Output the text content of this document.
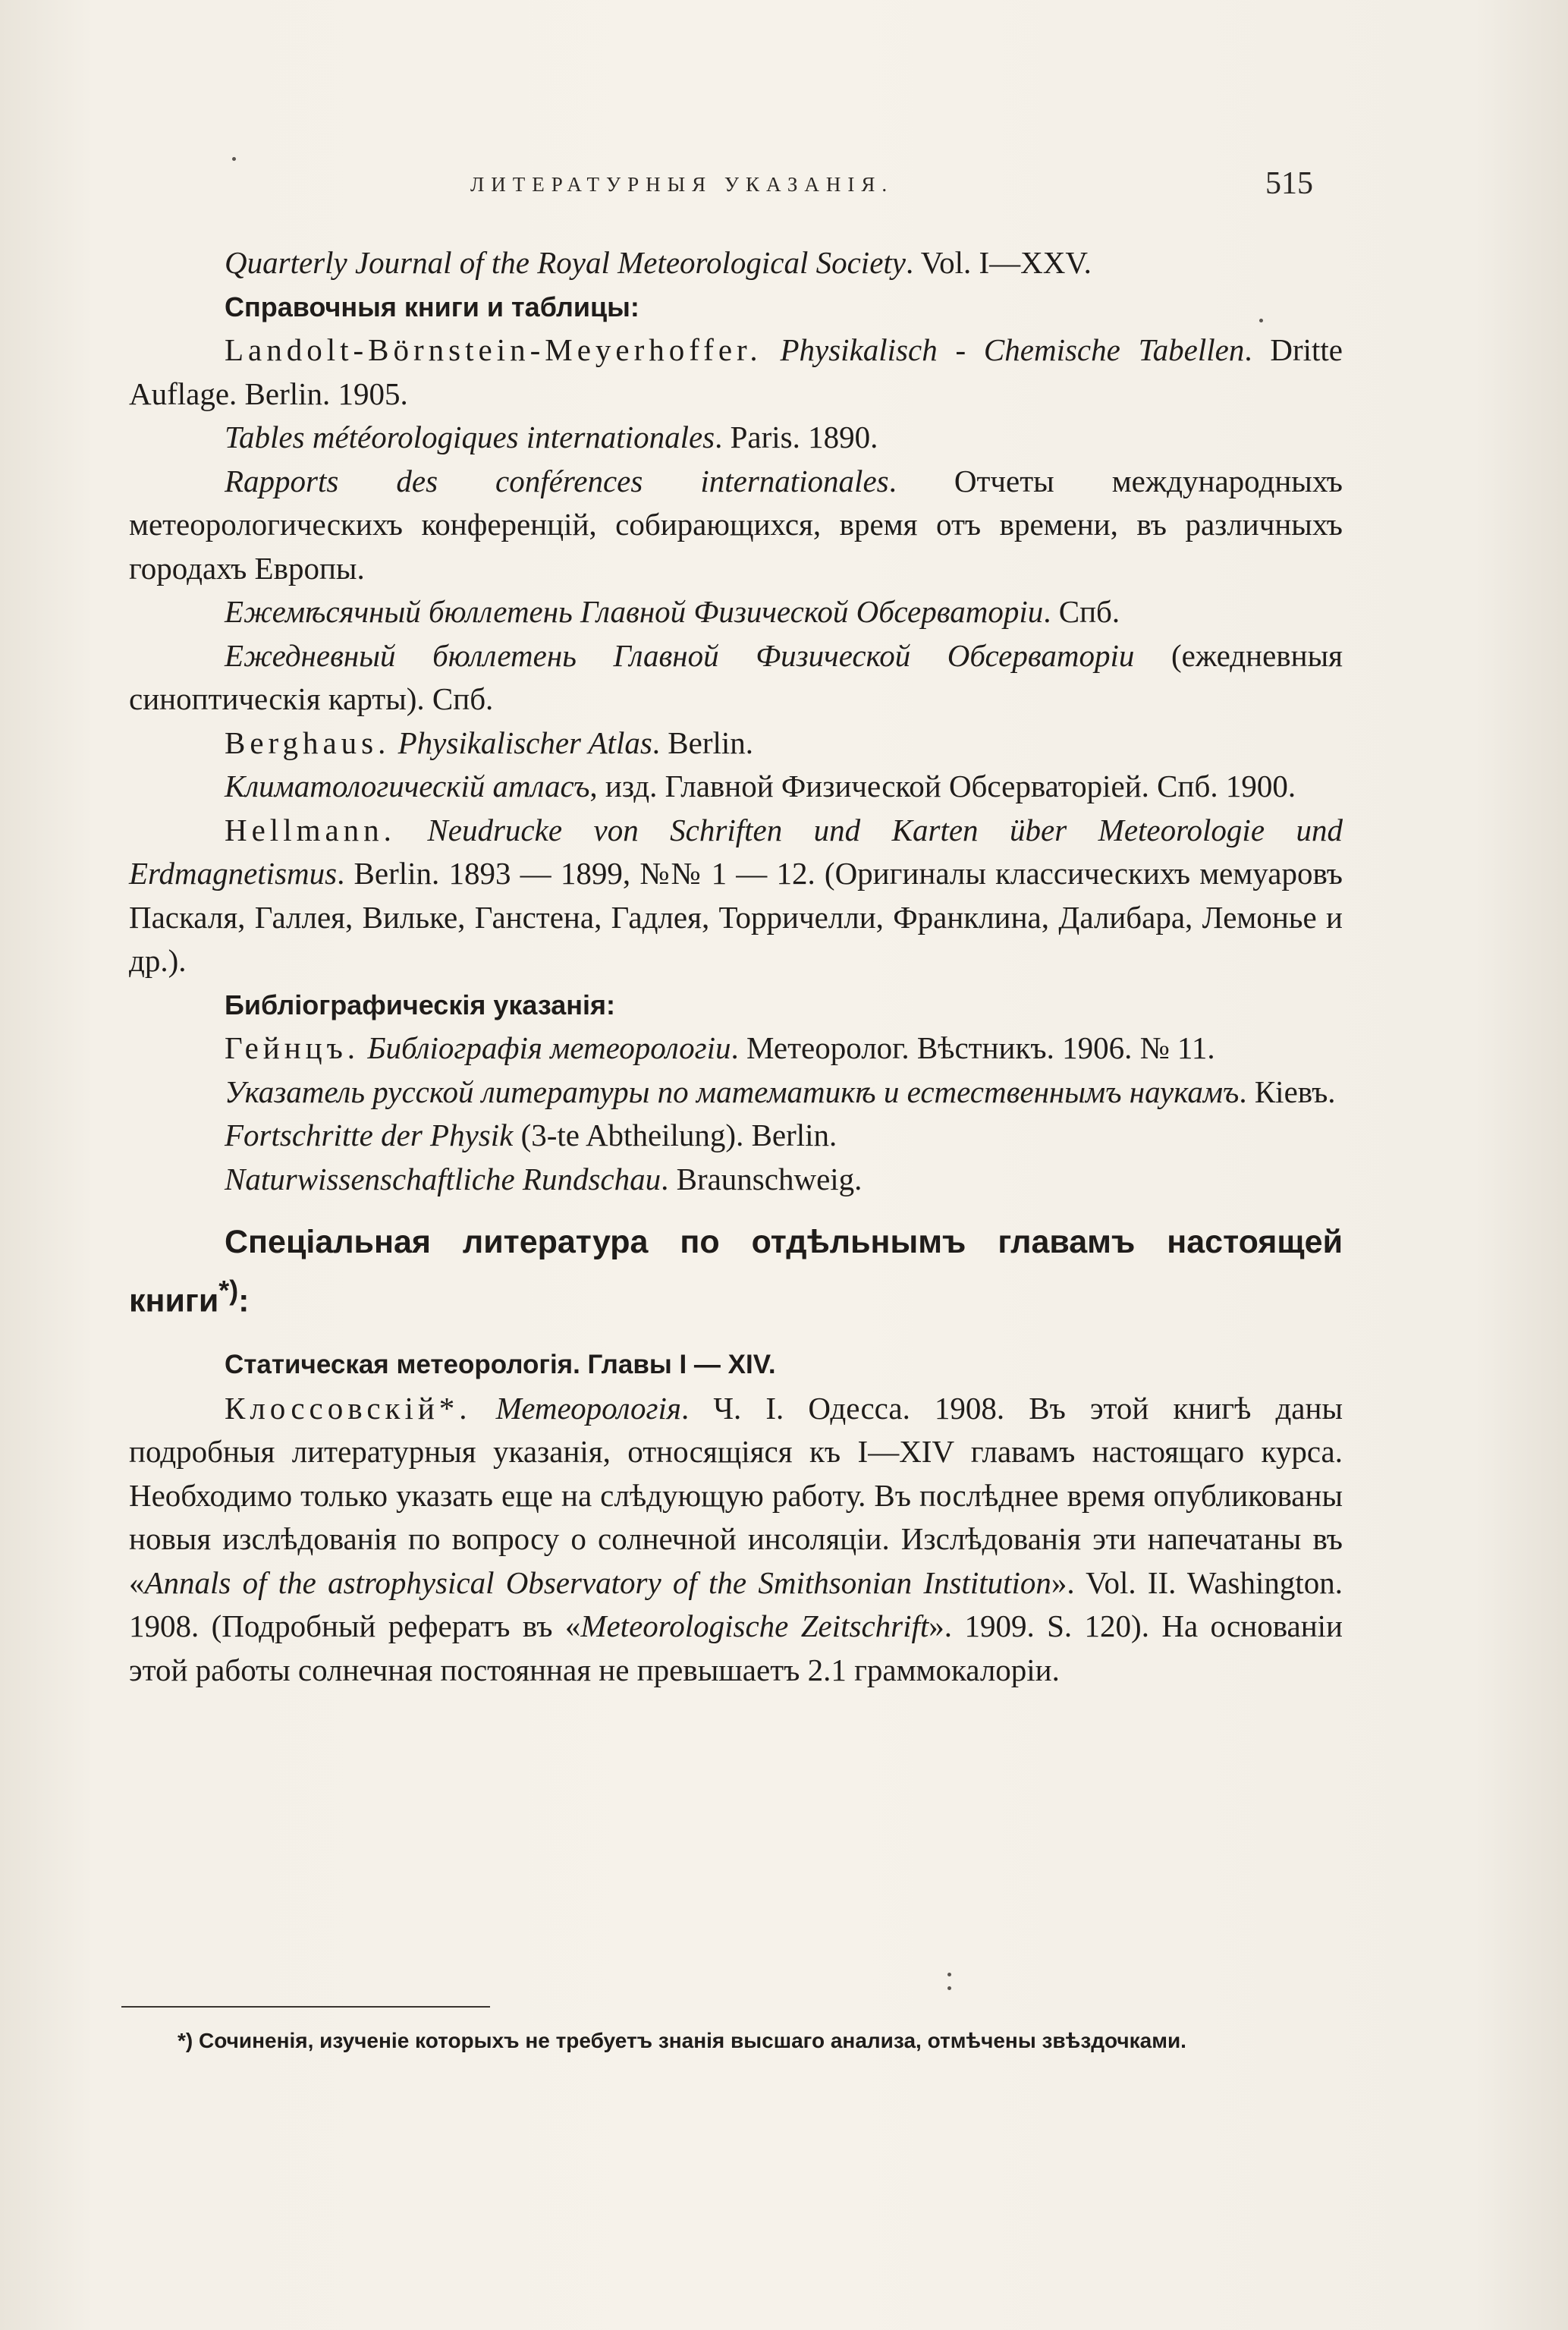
ЛИТЕРАТУРНЫЯ УКАЗАНІЯ.	515

Quarterly Journal of the Royal Meteorological Society. Vol. I—XXV.

Справочныя книги и таблицы:

Landolt-Börnstein-Meyerhoffer. Physikalisch - Chemische Tabellen. Dritte Auflage. Berlin. 1905.

Tables météorologiques internationales. Paris. 1890.

Rapports des conférences internationales. Отчеты международныхъ метеорологическихъ конференцій, собирающихся, время отъ времени, въ различныхъ городахъ Европы.

Ежемѣсячный бюллетень Главной Физической Обсерваторіи. Спб.

Ежедневный бюллетень Главной Физической Обсерваторіи (ежедневныя синоптическія карты). Спб.

Berghaus. Physikalischer Atlas. Berlin.

Климатологическій атласъ, изд. Главной Физической Обсерваторіей. Спб. 1900.

Hellmann. Neudrucke von Schriften und Karten über Meteorologie und Erdmagnetismus. Berlin. 1893 — 1899, №№ 1 — 12. (Оригиналы классическихъ мемуаровъ Паскаля, Галлея, Вильке, Ганстена, Гадлея, Торричелли, Франклина, Далибара, Лемонье и др.).

Библіографическія указанія:

Гейнцъ. Библіографія метеорологіи. Метеоролог. Вѣстникъ. 1906. № 11.

Указатель русской литературы по математикѣ и естественнымъ наукамъ. Кіевъ.

Fortschritte der Physik (3-te Abtheilung). Berlin.

Naturwissenschaftliche Rundschau. Braunschweig.

Спеціальная литература по отдѣльнымъ главамъ настоящей книги*):

Статическая метеорологія. Главы I — XIV.

Клоссовскій*. Метеорологія. Ч. I. Одесса. 1908. Въ этой книгѣ даны подробныя литературныя указанія, относящіяся къ I—XIV главамъ настоящаго курса. Необходимо только указать еще на слѣдующую работу. Въ послѣднее время опубликованы новыя изслѣдованія по вопросу о солнечной инсоляціи. Изслѣдованія эти напечатаны въ «Annals of the astrophysical Observatory of the Smithsonian Institution». Vol. II. Washington. 1908. (Подробный рефератъ въ «Meteorologische Zeitschrift». 1909. S. 120). На основаніи этой работы солнечная постоянная не превышаетъ 2.1 граммокалоріи.

*) Сочиненія, изученіе которыхъ не требуетъ знанія высшаго анализа, отмѣчены звѣздочками.
